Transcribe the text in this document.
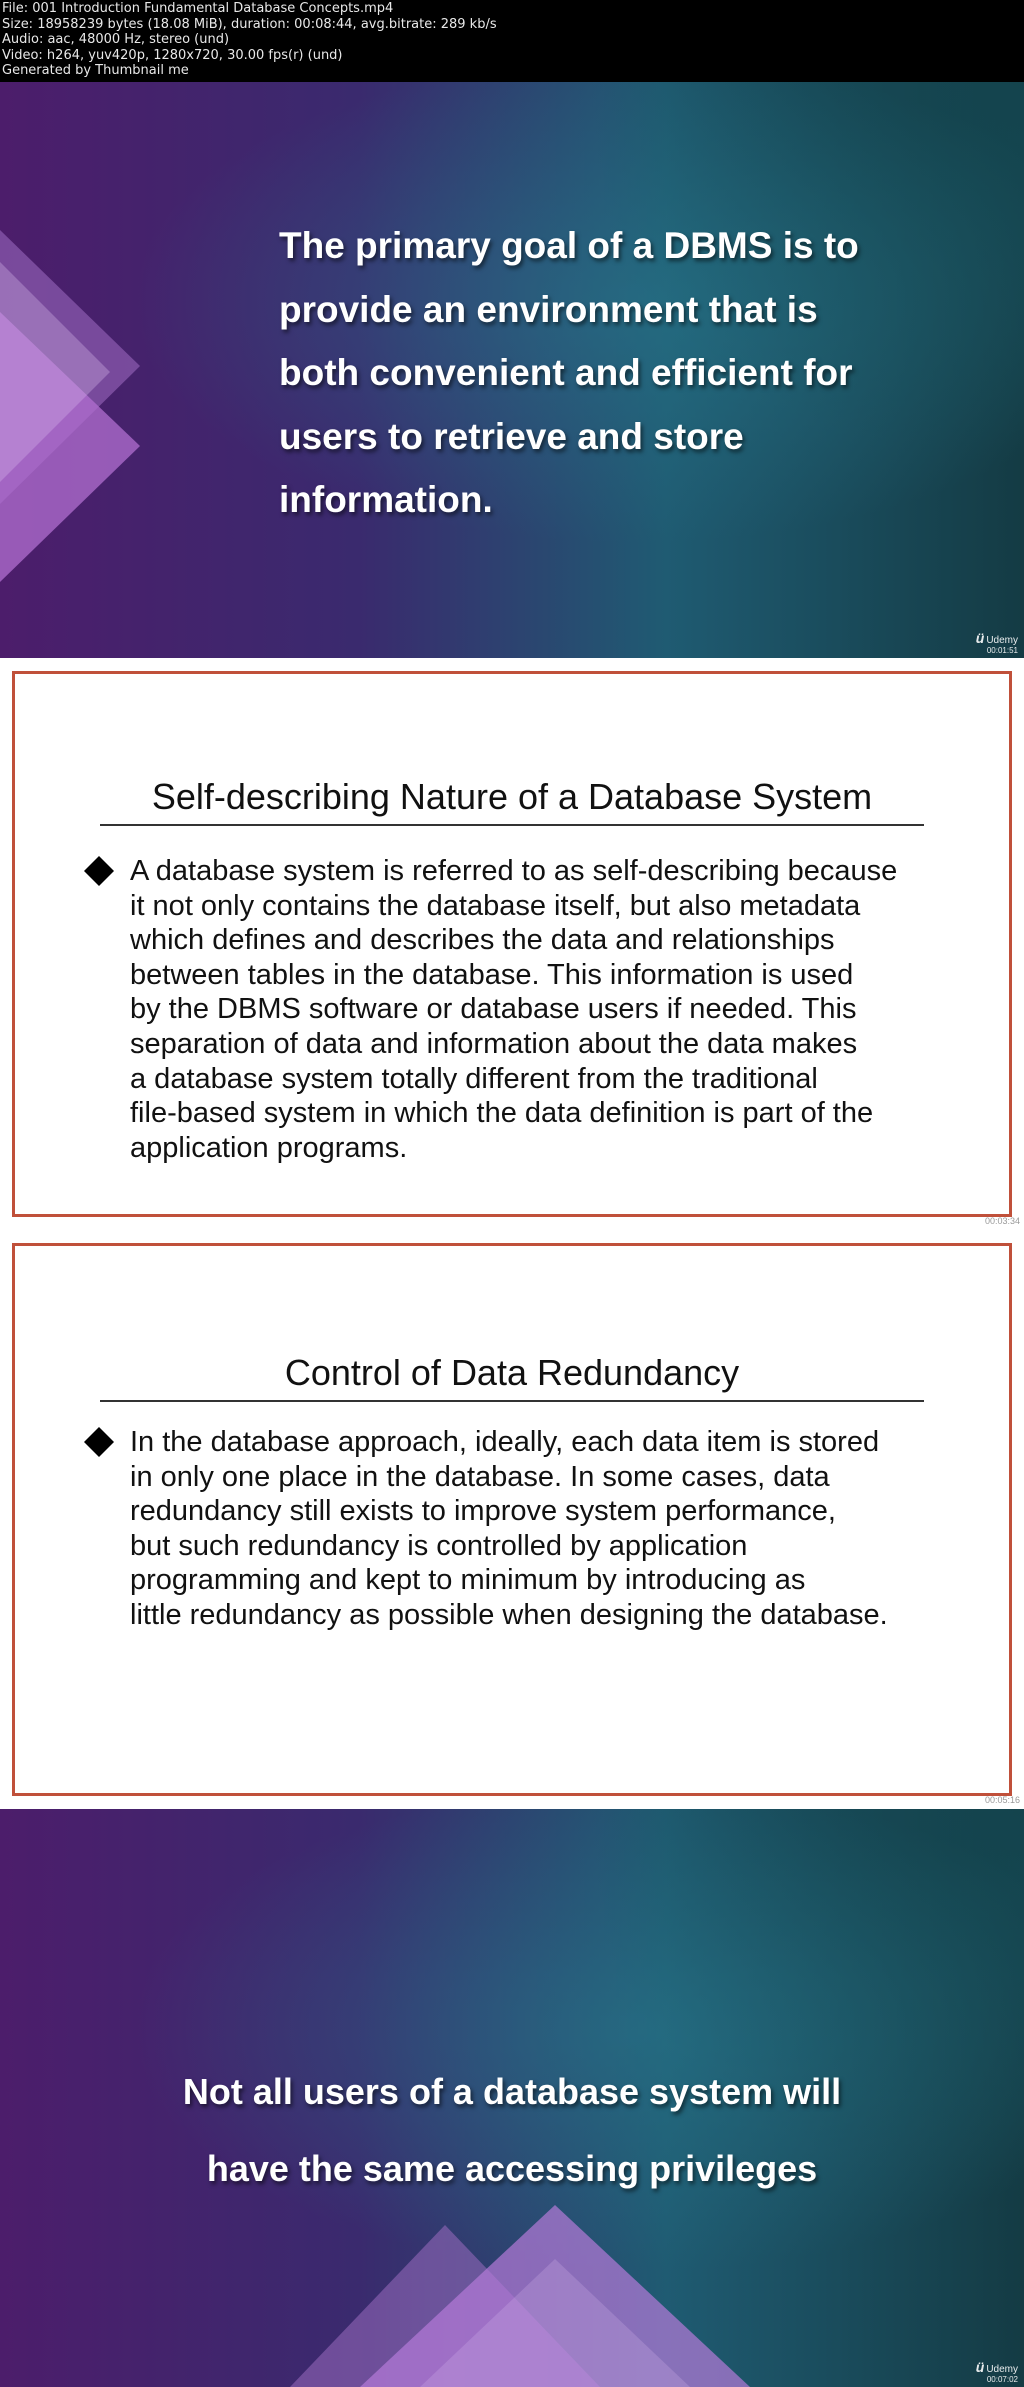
File: 001 Introduction Fundamental Database Concepts.mp4
Size: 18958239 bytes (18.08 MiB), duration: 00:08:44, avg.bitrate: 289 kb/s
Audio: aac, 48000 Hz, stereo (und)
Video: h264, yuv420p, 1280x720, 30.00 fps(r) (und)
Generated by Thumbnail me
The primary goal of a DBMS is to
provide an environment that is
both convenient and efficient for
users to retrieve and store
information.
ü Udemy
00:01:51
Self-describing Nature of a Database System
A database system is referred to as self-describing because
it not only contains the database itself, but also metadata
which defines and describes the data and relationships
between tables in the database. This information is used
by the DBMS software or database users if needed. This
separation of data and information about the data makes
a database system totally different from the traditional
file-based system in which the data definition is part of the
application programs.
00:03:34
Control of Data Redundancy
In the database approach, ideally, each data item is stored
in only one place in the database. In some cases, data
redundancy still exists to improve system performance,
but such redundancy is controlled by application
programming and kept to minimum by introducing as
little redundancy as possible when designing the database.
00:05:16
Not all users of a database system will
have the same accessing privileges
ü Udemy
00:07:02
